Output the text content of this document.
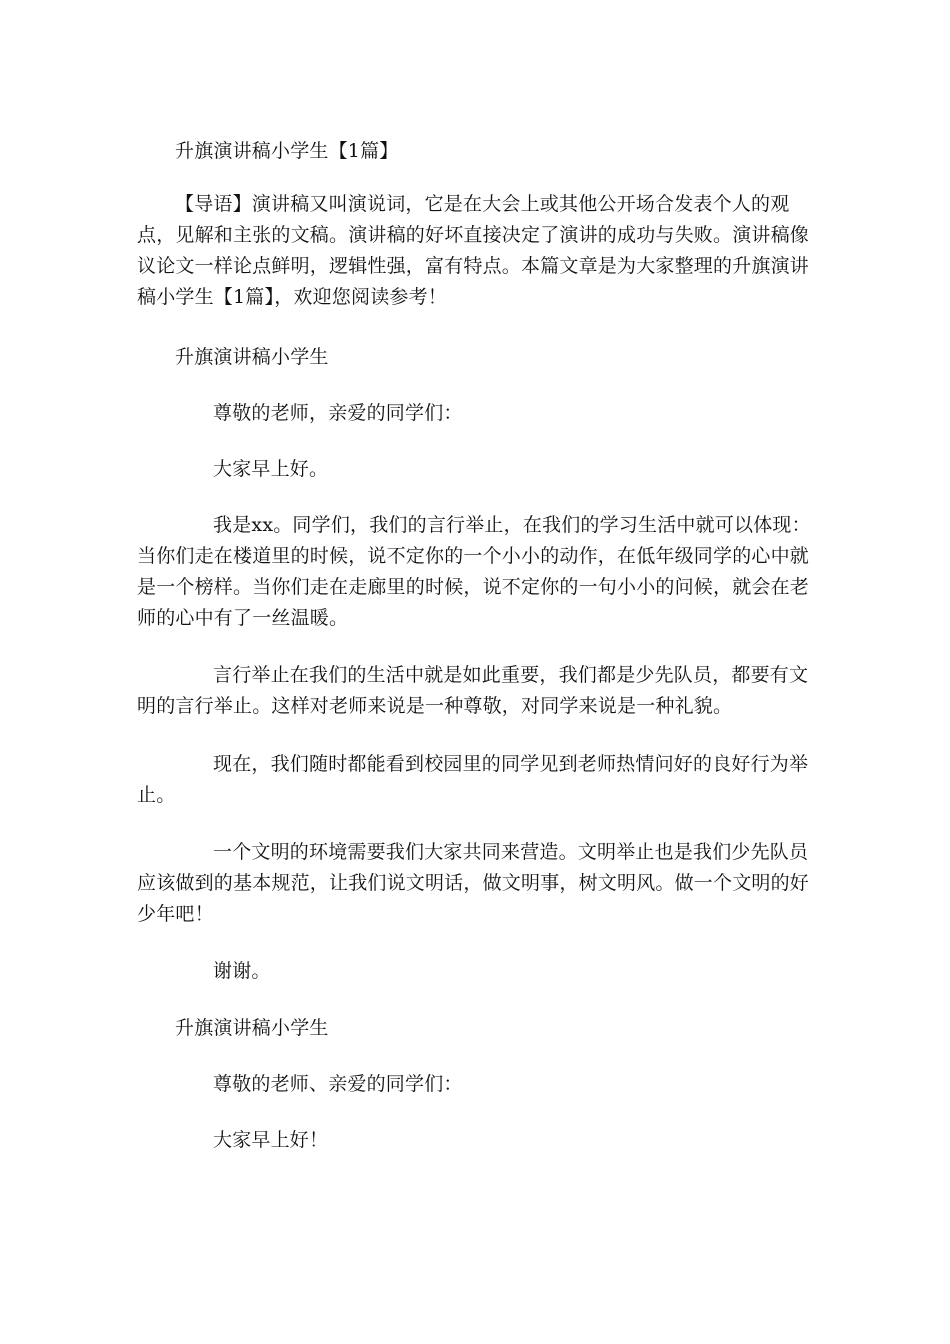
升旗演讲稿小学生【1篇】

【导语】演讲稿又叫演说词，它是在大会上或其他公开场合发表个人的观点，见解和主张的文稿。演讲稿的好坏直接决定了演讲的成功与失败。演讲稿像议论文一样论点鲜明，逻辑性强，富有特点。本篇文章是为大家整理的升旗演讲稿小学生【1篇】，欢迎您阅读参考！

升旗演讲稿小学生

尊敬的老师，亲爱的同学们：

大家早上好。

我是xx。同学们，我们的言行举止，在我们的学习生活中就可以体现：当你们走在楼道里的时候，说不定你的一个小小的动作，在低年级同学的心中就是一个榜样。当你们走在走廊里的时候，说不定你的一句小小的问候，就会在老师的心中有了一丝温暖。

言行举止在我们的生活中就是如此重要，我们都是少先队员，都要有文明的言行举止。这样对老师来说是一种尊敬，对同学来说是一种礼貌。

现在，我们随时都能看到校园里的同学见到老师热情问好的良好行为举止。

一个文明的环境需要我们大家共同来营造。文明举止也是我们少先队员应该做到的基本规范，让我们说文明话，做文明事，树文明风。做一个文明的好少年吧！

谢谢。

升旗演讲稿小学生

尊敬的老师、亲爱的同学们：

大家早上好！
